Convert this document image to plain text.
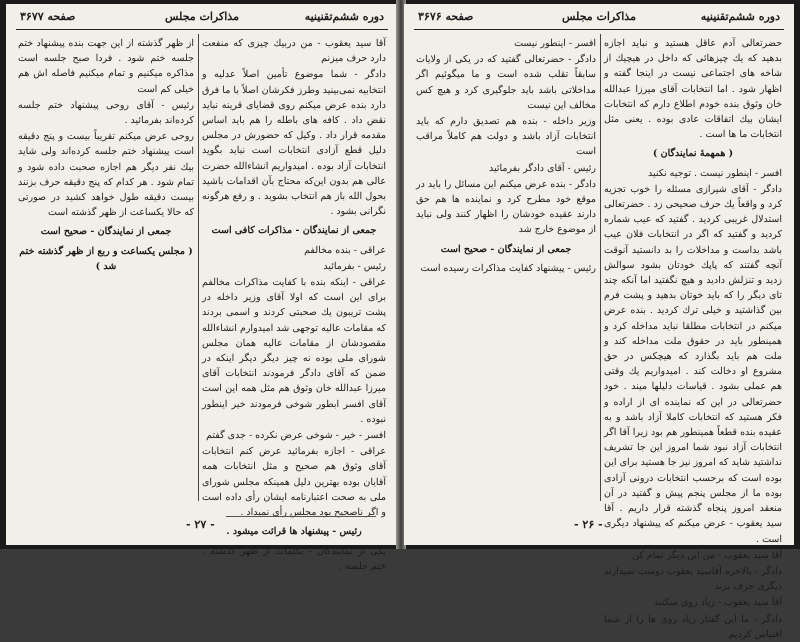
دوره ششم‌تقنینیه
مذاکرات مجلس
صفحه ۳۶۷۷

آقا سید یعقوب - من دربیك چیزی كه منفعت دارد حرف میزنم

دادگر - شما موضوع تأمین اصلاً عدلیه و انتخابیه نمی‌بینید وطرز فكرشان اصلاً با ما فرق دارد بنده عرض میكنم روی قضایای قرینه نباید نقض داد . كافه های باطله را هم باید اساس مقدمه قرار داد . وكیل كه حضورش در مجلس دلیل قطع آزادی انتخابات است نباید بگوید انتخابات آزاد بوده . امیدواریم انشاءالله حضرت عالی هم بدون این‌كه محتاج بآن اقدامات باشید بحول الله باز هم انتخاب بشوید . و رفع هرگونه نگرانی بشود .

جمعی از نمایندگان - مذاكرات كافی است

عراقی - بنده مخالفم

رئیس - بفرمائید

عراقی - اینكه بنده با كفایت مذاكرات مخالفم برای این است كه اولا آقای وزیر داخله در پشت تریبون یك صحبتی كردند و اسمی بردند كه مقامات عالیه توجهی شد امیدوارم انشاءالله مقصودشان از مقامات عالیه همان مجلس شورای ملی بوده نه چیز دیگر دیگر اینكه در ضمن كه آقای دادگر فرمودند انتخابات آقای میرزا عبدالله خان وثوق هم مثل همه این است آقای افسر ابطور شوخی فرمودند خیر اینطور نبوده .

افسر - خیر - شوخی عرض نكرده - جدی گفتم

عراقی - اجازه بفرمائید عرض كنم انتخابات آقای وثوق هم صحیح و مثل انتخابات همه آقایان بوده بهترین دلیل همینكه مجلس شورای ملی به صحت اعتبارنامه ایشان رأی داده است و اگر ناصحیح بود مجلس رأی نمیداد .

رئیس - پیشنهاد ها قرائت میشود .

یكی از نمایندگان - بكلمات از ظهر گذشته . ختم جلسه .

از ظهر گذشته از این جهت بنده پیشنهاد ختم جلسه ختم شود . فردا صبح جلسه است مذاكره میكنیم و تمام میكنیم فاصله اش هم خیلی كم است

رئیس - آقای روحی پیشنهاد ختم جلسه كرده‌اند بفرمائید .

روحی عرض میكنم تقریباً بیست و پنج دقیقه است پیشنهاد ختم جلسه كرده‌اند ولی شاید بیك نفر دیگر هم اجازه صحبت داده شود و تمام شود . هر كدام كه پنج دقیقه حرف بزنند بیست دقیقه طول خواهد كشید در صورتی كه حالا یكساعت از ظهر گذشته است

جمعی از نمایندگان - صحیح است

( مجلس یكساعت و ربع از ظهر گذشته ختم شد )

- ۲۷ -
دوره ششم‌تقنینیه
مذاکرات مجلس
صفحه ۳۶۷۶

حضرتعالی آدم عاقل هستید و نباید اجازه بدهید كه یك چیزهائی كه داخل در هیچیك از شاخه های اجتماعی نیست در اینجا گفته و اظهار شود . اما انتخابات آقای میرزا عبدالله خان وثوق بنده خودم اطلاع دارم كه انتخابات ایشان بیك اتفاقات عادی بوده . یعنی مثل انتخابات ما ها است .

( همهمهٔ نمایندگان )

افسر - اینطور نیست . توجیه نكنید

دادگر - آقای شیرازی مسئله را خوب تجزیه كرد و واقعاً یك حرف صحیحی زد . حضرتعالی استدلال غریبی كردید . گفتید كه عیب شماره كردید و گفتید كه اگر در انتخابات فلان عیب باشد بداست و مداخلات را بد دانستید آنوقت آنچه گفتند كه پاپك خودتان بشود سوالش زدید و تنزلش دادید و هیچ نگفتید اما آنكه چند تای دیگر را كه باید خوتان بدهید و پشت فرم بین گذاشتید و خیلی ترك كردید . بنده عرض میكنم در انتخابات مطلقا نباید مداخله كرد و همینطور باید در حقوق ملت مداخله كند و ملت هم باید بگذارد كه هیچكس در حق مشروع او دخالت كند . امیدواریم یك وقتی هم عملی بشود . قیاسات دلیلها میند . خود حضرتعالی در این كه نماینده ای از اراده و فكر هستید كه انتخابات كاملا آزاد باشد و به عقیده بنده قطعاً همینطور هم بود زیرا آقا اگر انتخابات آزاد نبود شما امروز این جا تشریف نداشتید شاید كه امروز نیز جا هستید برای این بوده است كه برحسب انتخابات درونی آزادی بوده ما از مجلس پنجم پیش و گفتید در آن منعقد امروز پنجاه گذشته قرار داریم . آقا سید یعقوب - عرض میكنم كه پیشنهاد دیگری است .

آقا سید یعقوب - من این دیگر تمام كن

دادگر - بالاخره آقاسید یعقوب دوست نمیدارند دیگری حرف بزند

آقا سید یعقوب - زیاد روی میكنید

دادگر - ما این گفتار زیاد روی ها را از شما اقتباس كردیم

افسر - اینطور نیست

دادگر - حضرتعالی گفتید كه در یكی از ولایات سابقاً تقلب شده است و ما میگوئیم اگر مداخلاتی باشد باید جلوگیری كرد و هیچ كس مخالف این نیست

وزیر داخله - بنده هم تصدیق دارم كه باید انتخابات آزاد باشد و دولت هم كاملاً مراقب است

رئیس - آقای دادگر بفرمائید

دادگر - بنده عرض میكنم این مسائل را باید در موقع خود مطرح كرد و نماینده ها هم حق دارند عقیده خودشان را اظهار كنند ولی نباید از موضوع خارج شد

جمعی از نمایندگان - صحیح است

رئیس - پیشنهاد كفایت مذاكرات رسیده است

- ۲۶ -
